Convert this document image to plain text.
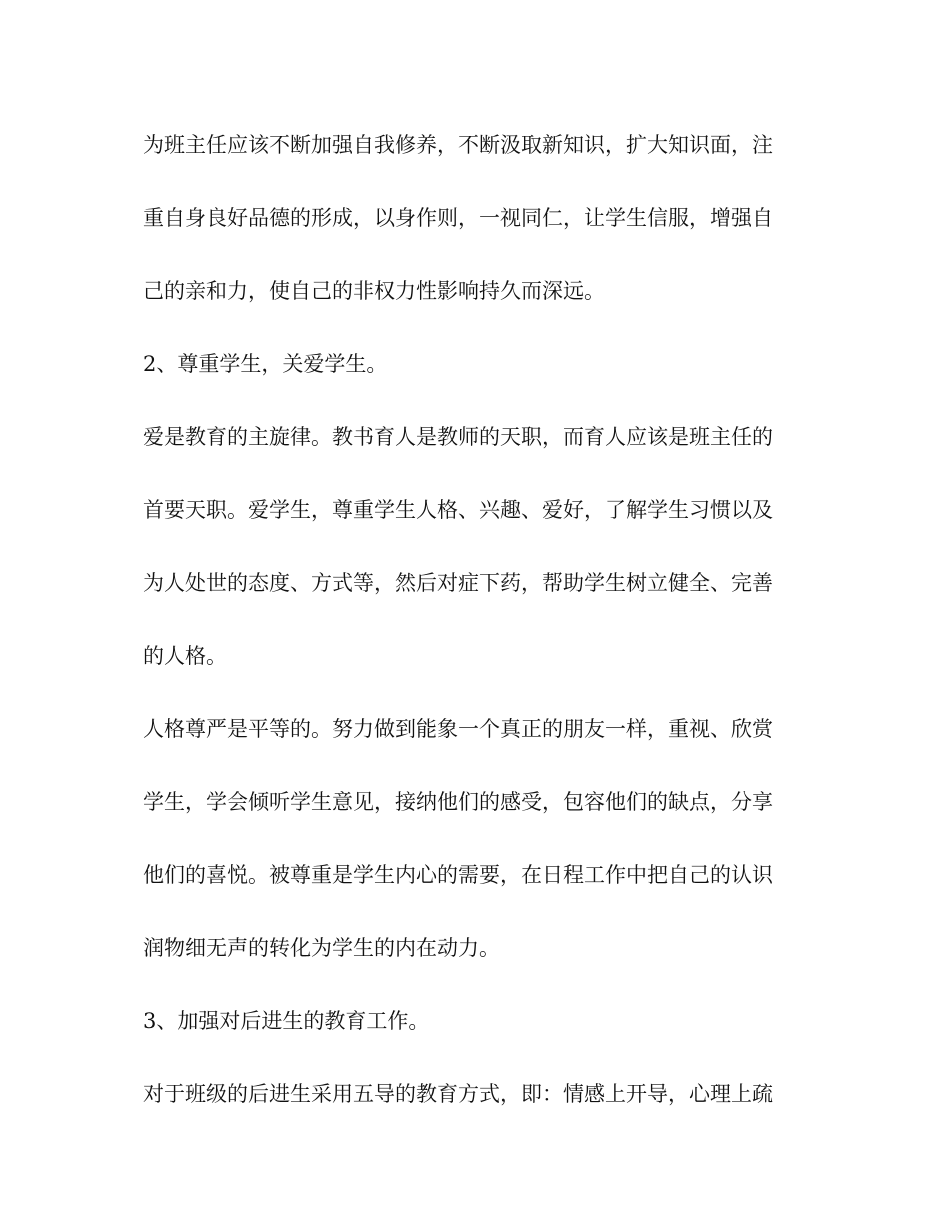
为班主任应该不断加强自我修养，不断汲取新知识，扩大知识面，注
重自身良好品德的形成，以身作则，一视同仁，让学生信服，增强自
己的亲和力，使自己的非权力性影响持久而深远。
2、尊重学生，关爱学生。
爱是教育的主旋律。教书育人是教师的天职，而育人应该是班主任的
首要天职。爱学生，尊重学生人格、兴趣、爱好，了解学生习惯以及
为人处世的态度、方式等，然后对症下药，帮助学生树立健全、完善
的人格。
人格尊严是平等的。努力做到能象一个真正的朋友一样，重视、欣赏
学生，学会倾听学生意见，接纳他们的感受，包容他们的缺点，分享
他们的喜悦。被尊重是学生内心的需要，在日程工作中把自己的认识
润物细无声的转化为学生的内在动力。
3、加强对后进生的教育工作。
对于班级的后进生采用五导的教育方式，即：情感上开导，心理上疏
